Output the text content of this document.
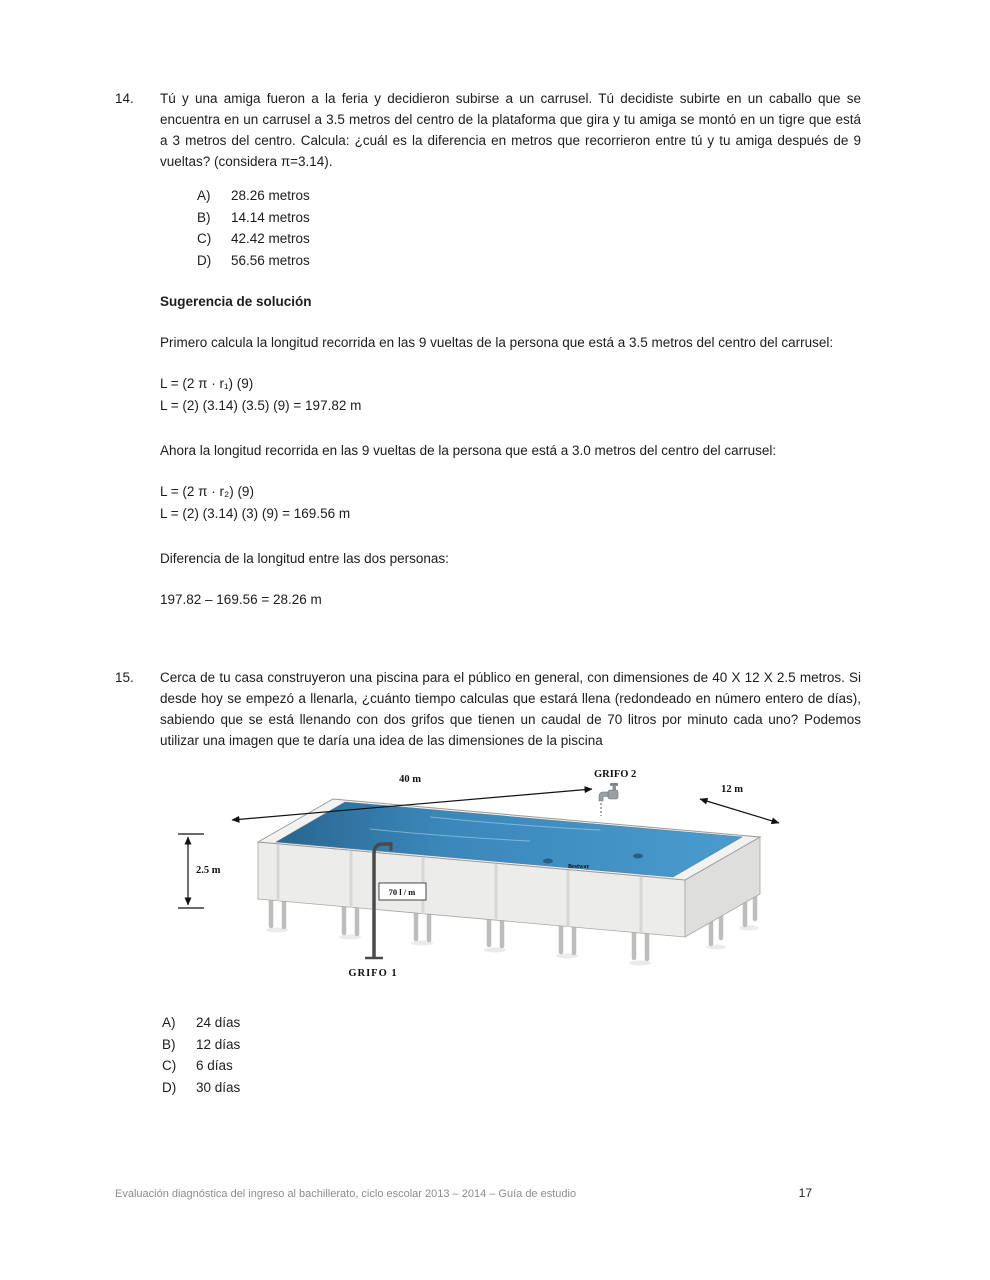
14.	Tú y una amiga fueron a la feria y decidieron subirse a un carrusel. Tú decidiste subirte en un caballo que se encuentra en un carrusel a 3.5 metros del centro de la plataforma que gira y tu amiga se montó en un tigre que está a 3 metros del centro. Calcula: ¿cuál es la diferencia en metros que recorrieron entre tú y tu amiga después de 9 vueltas? (considera π=3.14).

A)	28.26 metros
B)	14.14 metros
C)	42.42 metros
D)	56.56 metros
Sugerencia de solución

Primero calcula la longitud recorrida en las 9 vueltas de la persona que está a 3.5 metros del centro del carrusel:

L = (2 π · r₁) (9)
L = (2) (3.14) (3.5) (9) = 197.82 m

Ahora la longitud recorrida en las 9 vueltas de la persona que está a 3.0 metros del centro del carrusel:

L = (2 π · r₂) (9)
L = (2) (3.14) (3) (9) = 169.56 m

Diferencia de la longitud entre las dos personas:

197.82 – 169.56 = 28.26 m
15.	Cerca de tu casa construyeron una piscina para el público en general, con dimensiones de 40 X 12 X 2.5 metros. Si desde hoy se empezó a llenarla, ¿cuánto tiempo calculas que estará llena (redondeado en número entero de días), sabiendo que se está llenando con dos grifos que tienen un caudal de 70 litros por minuto cada uno? Podemos utilizar una imagen que te daría una idea de las dimensiones de la piscina

Bestway
40 m
12 m
2.5 m
GRIFO 2
70 l / m
GRIFO 1
A)	24 días
B)	12 días
C)	6 días
D)	30 días
Evaluación diagnóstica del ingreso al bachillerato, ciclo escolar 2013 – 2014 – Guía de estudio	17
